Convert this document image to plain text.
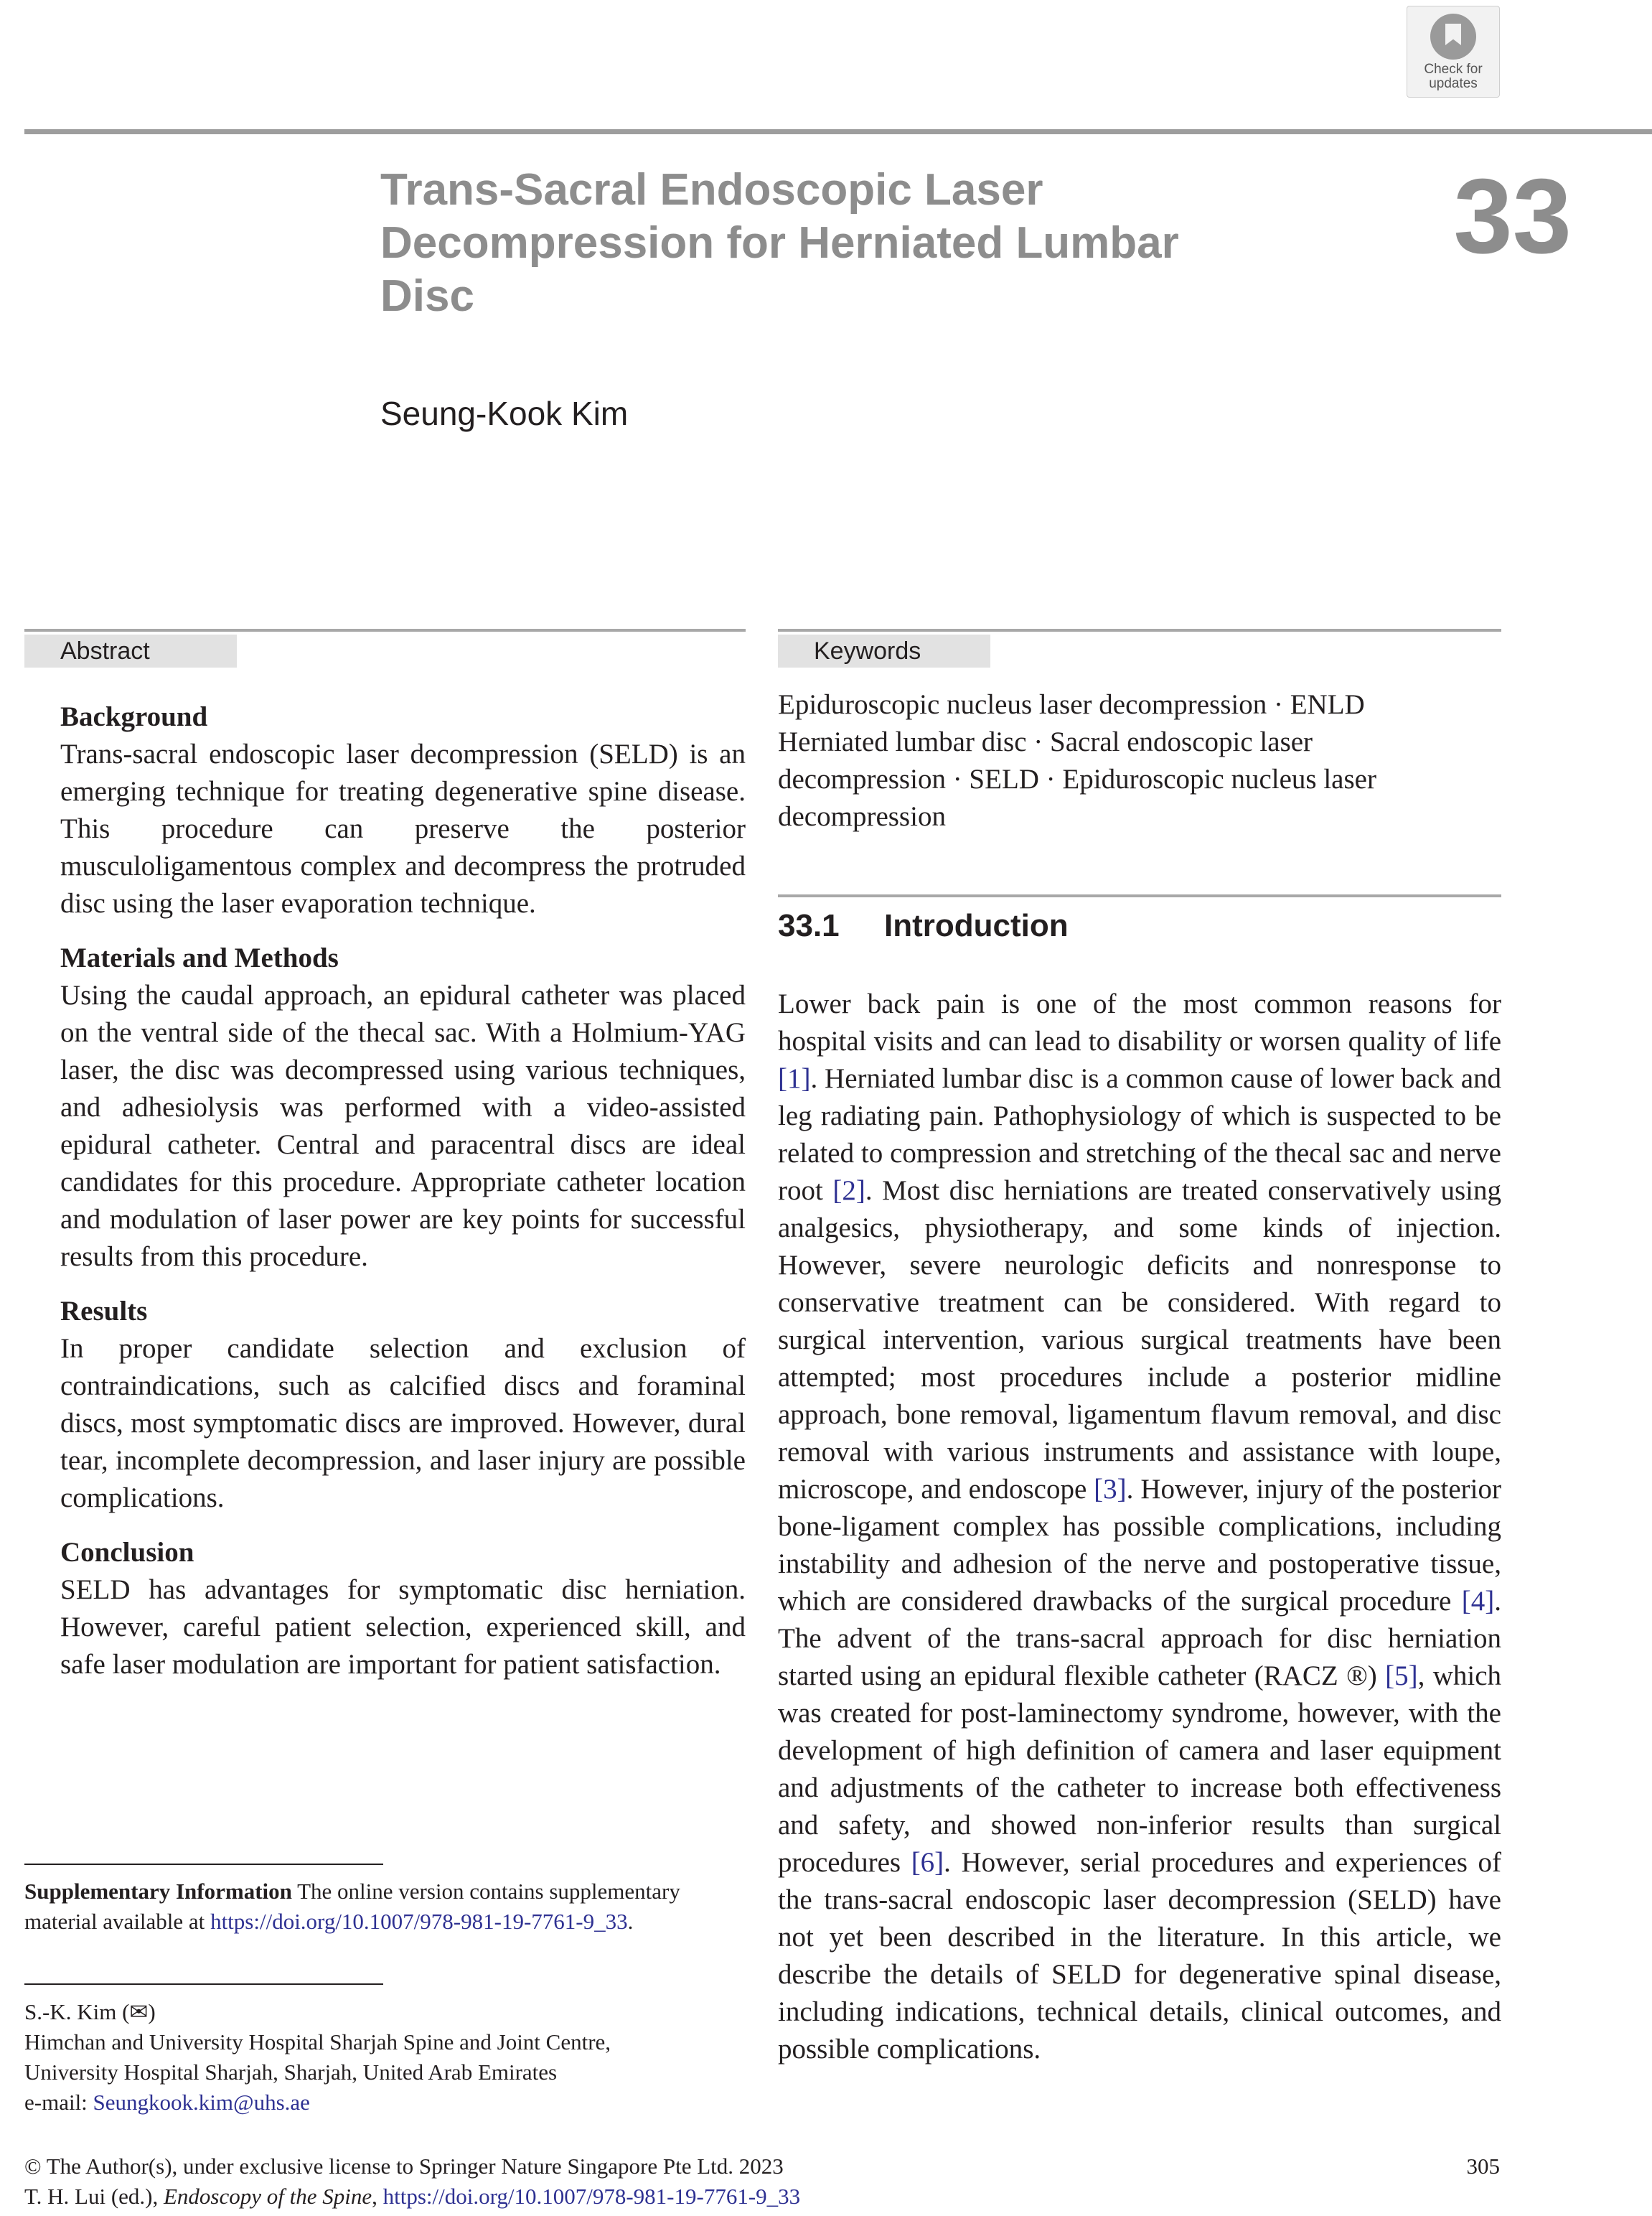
Check for
updates
Trans-Sacral Endoscopic Laser
Decompression for Herniated Lumbar
Disc
33
Seung-Kook Kim
Abstract	Keywords
Background
Trans-sacral endoscopic laser decompression (SELD) is an emerging technique for treating degenerative spine disease. This procedure can preserve the posterior musculoligamentous complex and decompress the protruded disc using the laser evaporation technique.
Materials and Methods
Using the caudal approach, an epidural catheter was placed on the ventral side of the thecal sac. With a Holmium-YAG laser, the disc was decompressed using various techniques, and adhesiolysis was performed with a video-assisted epidural catheter. Central and paracentral discs are ideal candidates for this procedure. Appropriate catheter location and modulation of laser power are key points for successful results from this procedure.
Results
In proper candidate selection and exclusion of contraindications, such as calcified discs and foraminal discs, most symptomatic discs are improved. However, dural tear, incomplete decompression, and laser injury are possible complications.
Conclusion
SELD has advantages for symptomatic disc herniation. However, careful patient selection, experienced skill, and safe laser modulation are important for patient satisfaction.
Epiduroscopic nucleus laser decompression · ENLD Herniated lumbar disc · Sacral endoscopic laser decompression · SELD · Epiduroscopic nucleus laser decompression
33.1 Introduction
Lower back pain is one of the most common reasons for hospital visits and can lead to disability or worsen quality of life [1]. Herniated lumbar disc is a common cause of lower back and leg radiating pain. Pathophysiology of which is suspected to be related to compression and stretching of the thecal sac and nerve root [2]. Most disc herniations are treated conservatively using analgesics, physiotherapy, and some kinds of injection. However, severe neurologic deficits and nonresponse to conservative treatment can be considered. With regard to surgical intervention, various surgical treatments have been attempted; most procedures include a posterior midline approach, bone removal, ligamentum flavum removal, and disc removal with various instruments and assistance with loupe, microscope, and endoscope [3]. However, injury of the posterior bone-ligament complex has possible complications, including instability and adhesion of the nerve and postoperative tissue, which are considered drawbacks of the surgical procedure [4]. The advent of the trans-sacral approach for disc herniation started using an epidural flexible catheter (RACZ ®) [5], which was created for post-laminectomy syndrome, however, with the development of high definition of camera and laser equipment and adjustments of the catheter to increase both effectiveness and safety, and showed non-inferior results than surgical procedures [6]. However, serial procedures and experiences of the trans-sacral endoscopic laser decompression (SELD) have not yet been described in the literature. In this article, we describe the details of SELD for degenerative spinal disease, including indications, technical details, clinical outcomes, and possible complications.
Supplementary Information The online version contains supplementary material available at https://doi.org/10.1007/978-981-19-7761-9_33.
S.-K. Kim (✉)
Himchan and University Hospital Sharjah Spine and Joint Centre,
University Hospital Sharjah, Sharjah, United Arab Emirates
e-mail: Seungkook.kim@uhs.ae
© The Author(s), under exclusive license to Springer Nature Singapore Pte Ltd. 2023
T. H. Lui (ed.), Endoscopy of the Spine, https://doi.org/10.1007/978-981-19-7761-9_33
305
